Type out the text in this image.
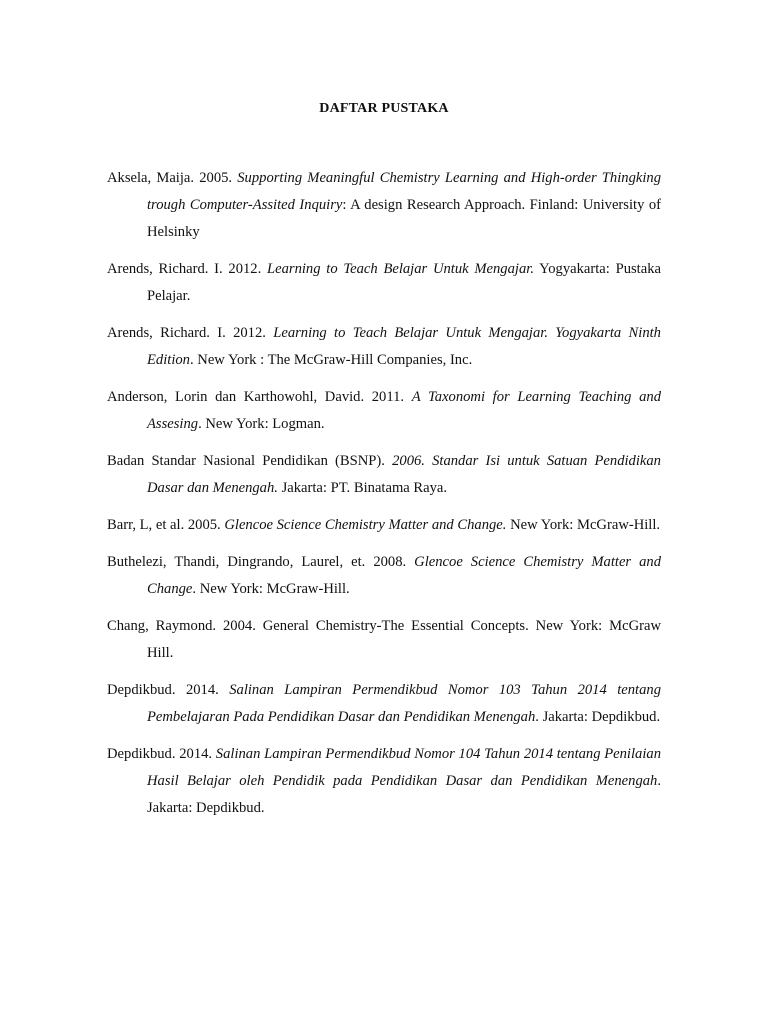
DAFTAR PUSTAKA

Aksela, Maija. 2005. Supporting Meaningful Chemistry Learning and High-order Thingking trough Computer-Assited Inquiry: A design Research Approach. Finland: University of Helsinky

Arends, Richard. I. 2012. Learning to Teach Belajar Untuk Mengajar. Yogyakarta: Pustaka Pelajar.

Arends, Richard. I. 2012. Learning to Teach Belajar Untuk Mengajar. Yogyakarta Ninth Edition. New York : The McGraw-Hill Companies, Inc.

Anderson, Lorin dan Karthowohl, David. 2011. A Taxonomi for Learning Teaching and Assesing. New York: Logman.

Badan Standar Nasional Pendidikan (BSNP). 2006. Standar Isi untuk Satuan Pendidikan Dasar dan Menengah. Jakarta: PT. Binatama Raya.

Barr, L, et al. 2005. Glencoe Science Chemistry Matter and Change. New York: McGraw-Hill.

Buthelezi, Thandi, Dingrando, Laurel, et. 2008. Glencoe Science Chemistry Matter and Change. New York: McGraw-Hill.

Chang, Raymond. 2004. General Chemistry-The Essential Concepts. New York: McGraw Hill.

Depdikbud. 2014. Salinan Lampiran Permendikbud Nomor 103 Tahun 2014 tentang Pembelajaran Pada Pendidikan Dasar dan Pendidikan Menengah. Jakarta: Depdikbud.

Depdikbud. 2014. Salinan Lampiran Permendikbud Nomor 104 Tahun 2014 tentang Penilaian Hasil Belajar oleh Pendidik pada Pendidikan Dasar dan Pendidikan Menengah. Jakarta: Depdikbud.
